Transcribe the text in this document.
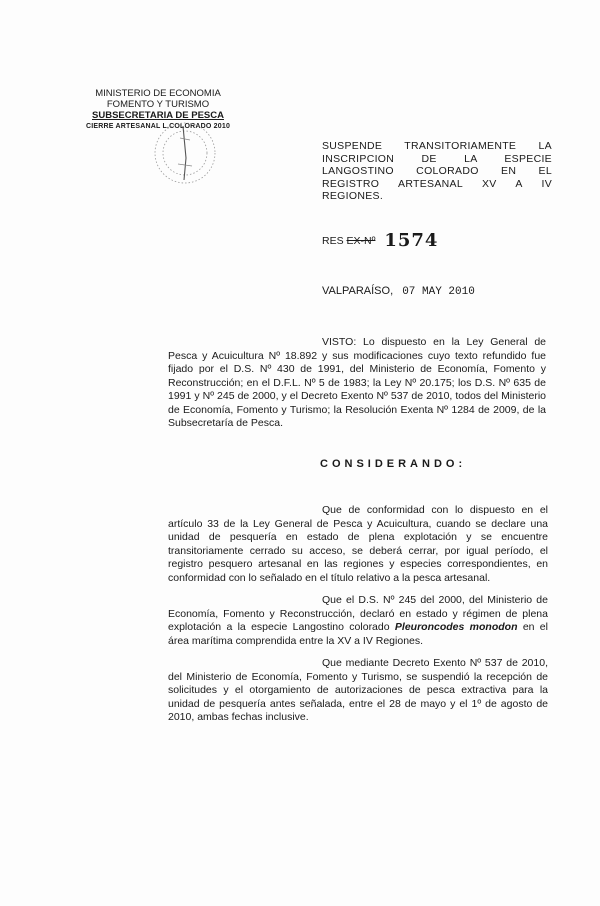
MINISTERIO DE ECONOMIA
FOMENTO Y TURISMO
SUBSECRETARIA DE PESCA
CIERRE ARTESANAL L.COLORADO 2010
SUSPENDE TRANSITORIAMENTE LA
INSCRIPCION DE LA ESPECIE
LANGOSTINO COLORADO EN EL
REGISTRO ARTESANAL XV A IV
REGIONES.
RES EX-Nº 1574
VALPARAÍSO, 07 MAY 2010
VISTO: Lo dispuesto en la Ley General de Pesca y Acuicultura Nº 18.892 y sus modificaciones cuyo texto refundido fue fijado por el D.S. Nº 430 de 1991, del Ministerio de Economía, Fomento y Reconstrucción; en el D.F.L. Nº 5 de 1983; la Ley Nº 20.175; los D.S. Nº 635 de 1991 y Nº 245 de 2000, y el Decreto Exento Nº 537 de 2010, todos del Ministerio de Economía, Fomento y Turismo; la Resolución Exenta Nº 1284 de 2009, de la Subsecretaría de Pesca.
CONSIDERANDO:
Que de conformidad con lo dispuesto en el artículo 33 de la Ley General de Pesca y Acuicultura, cuando se declare una unidad de pesquería en estado de plena explotación y se encuentre transitoriamente cerrado su acceso, se deberá cerrar, por igual período, el registro pesquero artesanal en las regiones y especies correspondientes, en conformidad con lo señalado en el título relativo a la pesca artesanal.
Que el D.S. Nº 245 del 2000, del Ministerio de Economía, Fomento y Reconstrucción, declaró en estado y régimen de plena explotación a la especie Langostino colorado Pleuroncodes monodon en el área marítima comprendida entre la XV a IV Regiones.
Que mediante Decreto Exento Nº 537 de 2010, del Ministerio de Economía, Fomento y Turismo, se suspendió la recepción de solicitudes y el otorgamiento de autorizaciones de pesca extractiva para la unidad de pesquería antes señalada, entre el 28 de mayo y el 1º de agosto de 2010, ambas fechas inclusive.
